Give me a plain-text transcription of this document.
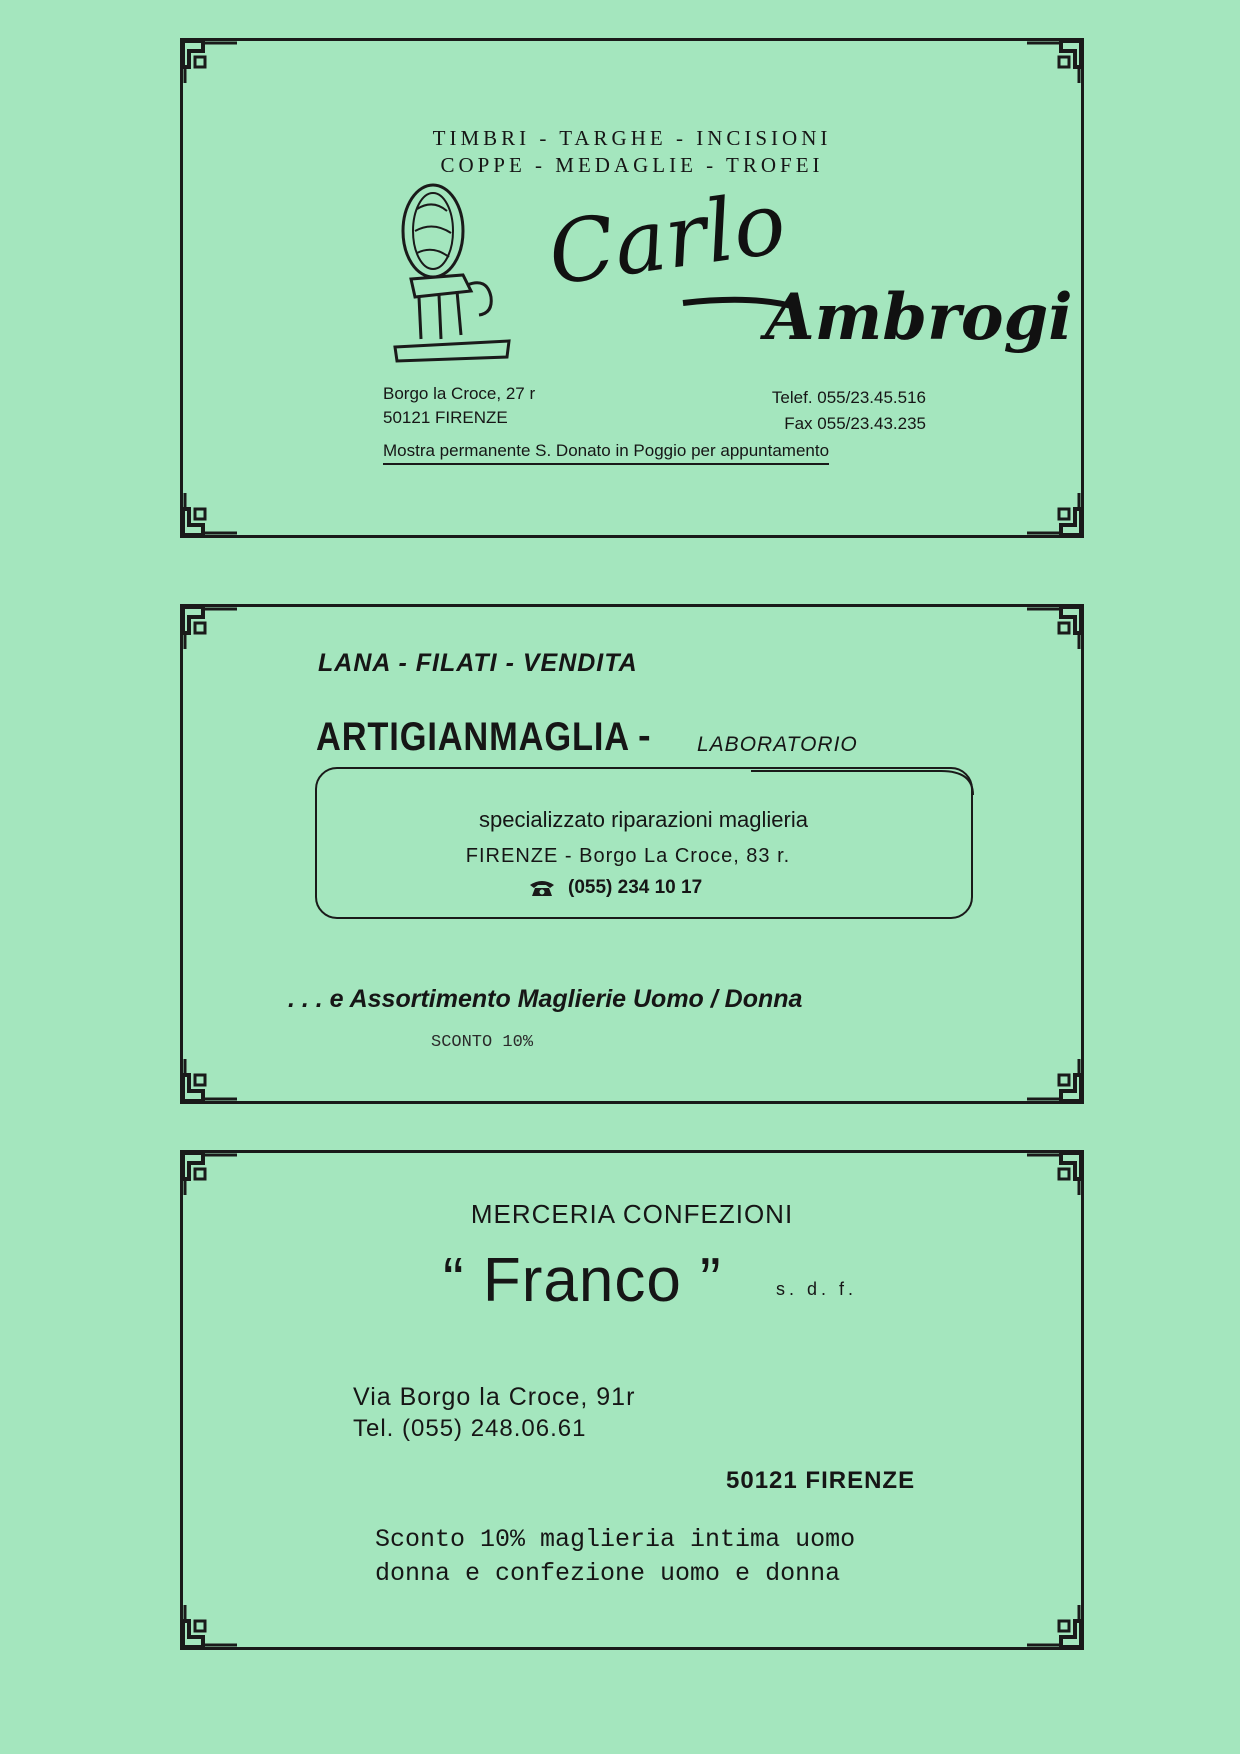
TIMBRI - TARGHE - INCISIONI
COPPE - MEDAGLIE - TROFEI
Carlo
Ambrogi
Borgo la Croce, 27 r
50121 FIRENZE
Telef. 055/23.45.516
Fax 055/23.43.235
Mostra permanente S. Donato in Poggio per appuntamento
LANA - FILATI - VENDITA
ARTIGIANMAGLIA - LABORATORIO
specializzato riparazioni maglieria
FIRENZE - Borgo La Croce, 83 r.
(055) 234 10 17
. . . e Assortimento Maglierie Uomo / Donna
SCONTO 10%
MERCERIA CONFEZIONI
“ Franco ”	s. d. f.
Via Borgo la Croce, 91r
Tel. (055) 248.06.61
50121 FIRENZE
Sconto 10% maglieria intima uomo
donna e confezione uomo e donna
